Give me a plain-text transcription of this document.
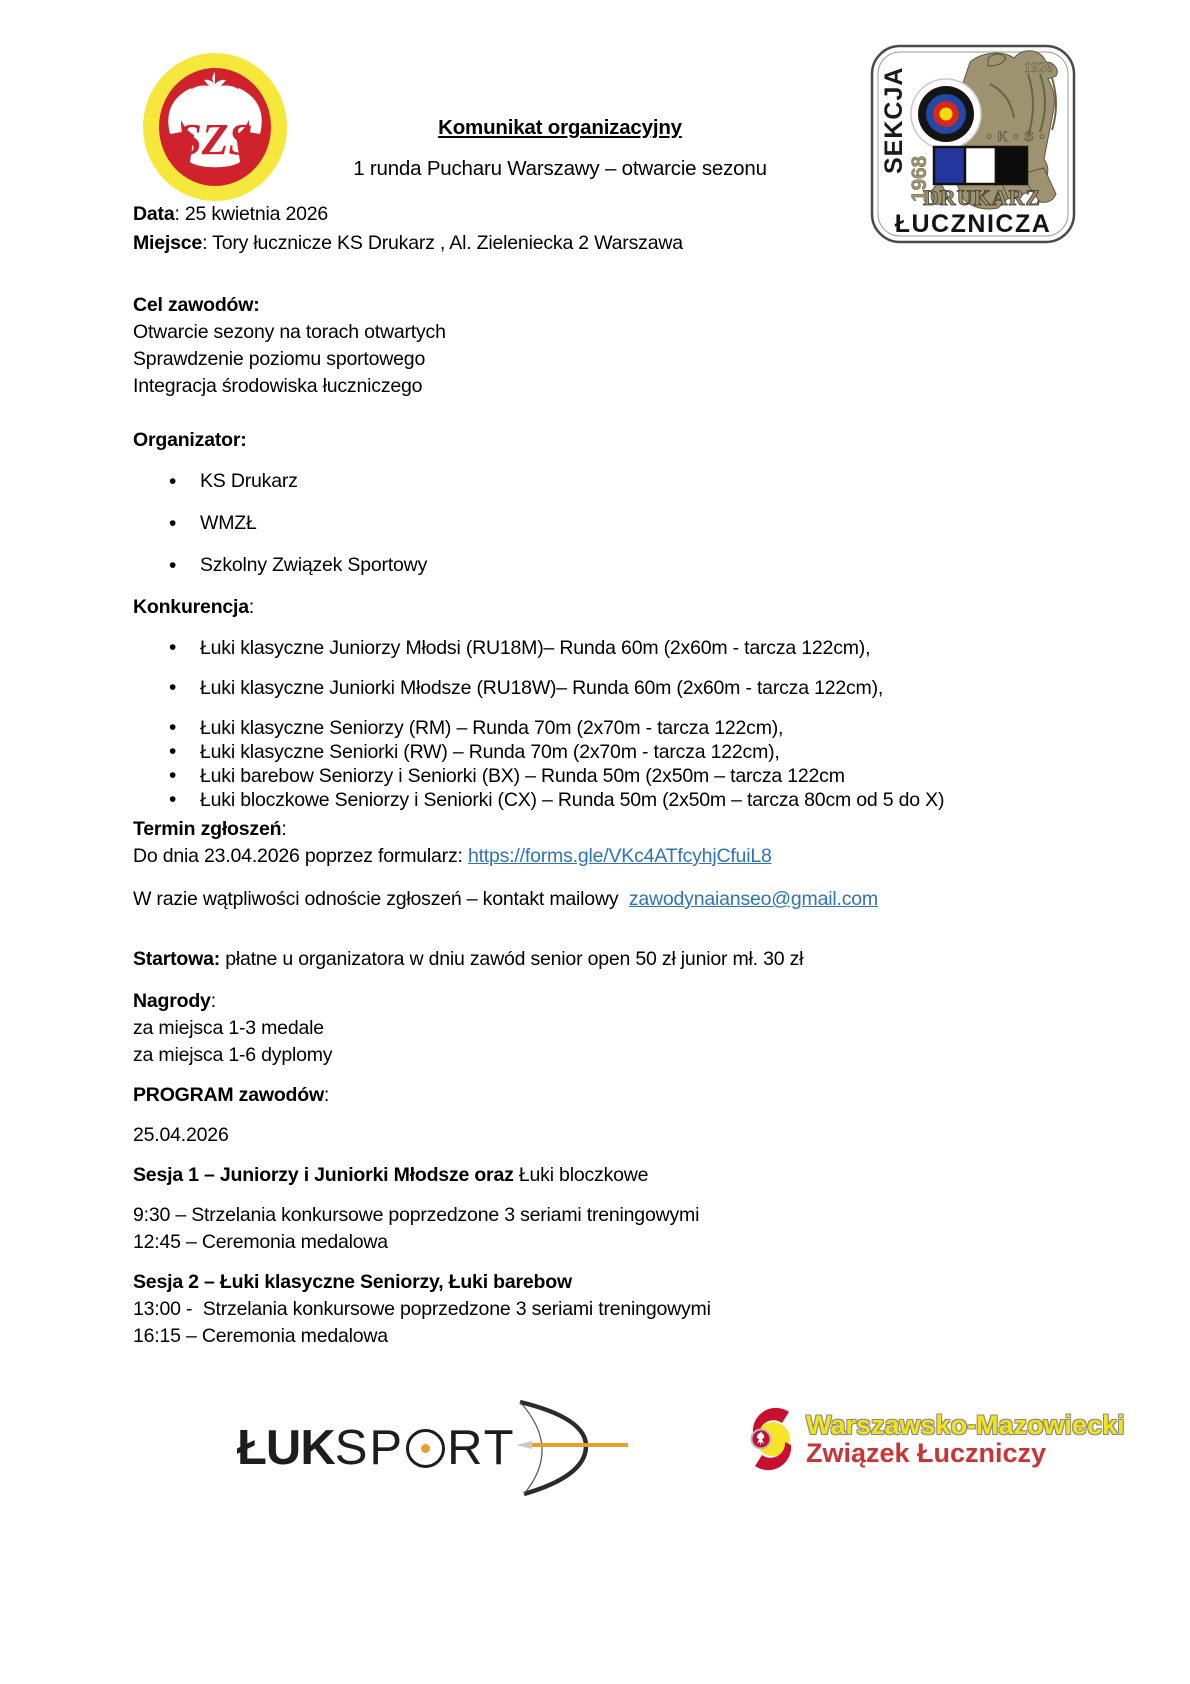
SZS	Komunikat organizacyjny
1 runda Pucharu Warszawy – otwarcie sezonu
1926
• K • S •
DRUKARZ
SEKCJA
1968
ŁUCZNICZA

Data: 25 kwietnia 2026

Miejsce: Tory łucznicze KS Drukarz , Al. Zieleniecka 2 Warszawa

Cel zawodów:

Otwarcie sezony na torach otwartych

Sprawdzenie poziomu sportowego

Integracja środowiska łuczniczego

Organizator:

• KS Drukarz
• WMZŁ
• Szkolny Związek Sportowy

Konkurencja:

• Łuki klasyczne Juniorzy Młodsi (RU18M)– Runda 60m (2x60m - tarcza 122cm),
• Łuki klasyczne Juniorki Młodsze (RU18W)– Runda 60m (2x60m - tarcza 122cm),
• Łuki klasyczne Seniorzy (RM) – Runda 70m (2x70m - tarcza 122cm),
• Łuki klasyczne Seniorki (RW) – Runda 70m (2x70m - tarcza 122cm),
• Łuki barebow Seniorzy i Seniorki (BX) – Runda 50m (2x50m – tarcza 122cm
• Łuki bloczkowe Seniorzy i Seniorki (CX) – Runda 50m (2x50m – tarcza 80cm od 5 do X)

Termin zgłoszeń:

Do dnia 23.04.2026 poprzez formularz: https://forms.gle/VKc4ATfcyhjCfuiL8

W razie wątpliwości odnoście zgłoszeń – kontakt mailowy  zawodynaianseo@gmail.com

Startowa: płatne u organizatora w dniu zawód senior open 50 zł junior mł. 30 zł

Nagrody:

za miejsca 1-3 medale

za miejsca 1-6 dyplomy

PROGRAM zawodów:

25.04.2026

Sesja 1 – Juniorzy i Juniorki Młodsze oraz Łuki bloczkowe

9:30 – Strzelania konkursowe poprzedzone 3 seriami treningowymi

12:45 – Ceremonia medalowa

Sesja 2 – Łuki klasyczne Seniorzy, Łuki barebow

13:00 -  Strzelania konkursowe poprzedzone 3 seriami treningowymi

16:15 – Ceremonia medalowa

ŁUK SP RT	Warszawsko-Mazowiecki
Związek Łuczniczy
